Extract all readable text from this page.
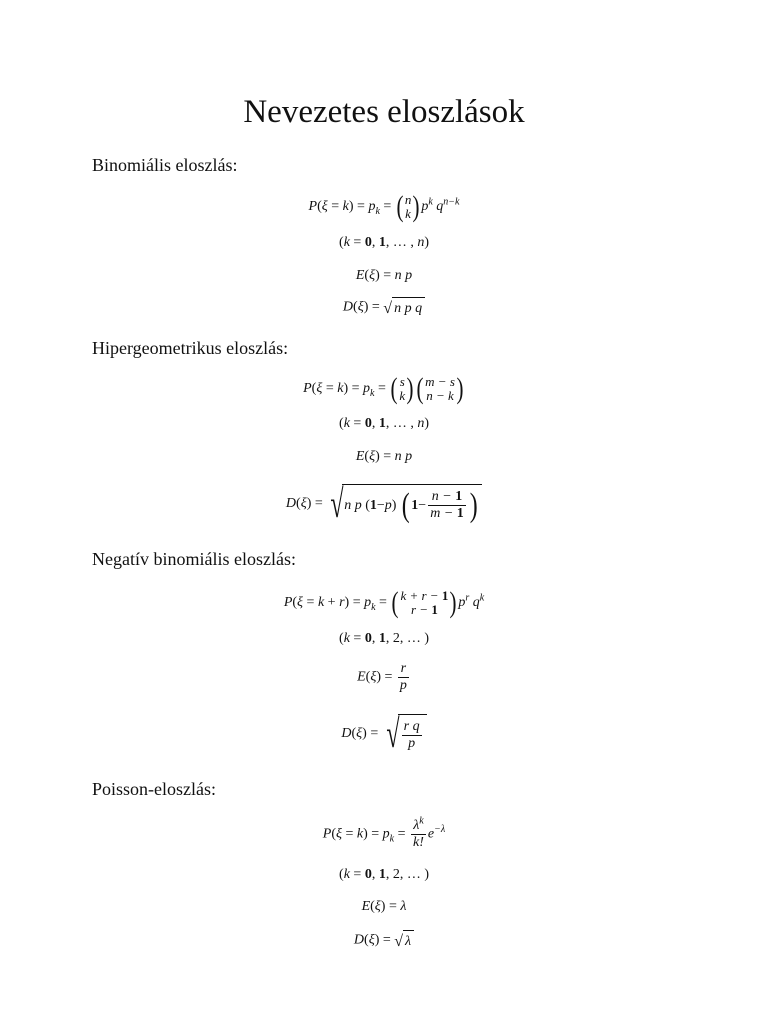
Nevezetes eloszlások
Binomiális eloszlás:
$P(\xi = k) = p_k$ = ( n
k ) $p^k$ $q^{n-k}$
(k = 0, 1, … , n)
E(ξ) = n p
D(ξ) = √ n p q
Hipergeometrikus eloszlás:
$P(\xi = k) = p_k$ = ( s
k ) ( m − s
n − k )
(k = 0, 1, … , n)
E(ξ) = n p
D(ξ) = √ n p ( 1 − p ) ( $1 - \frac{n - 1}{m - 1}$ )
Negatív binomiális eloszlás:
$P(\xi = k + r) = p_k$ = ( k + r − 1
r − 1 ) $p^r$ $q^k$
(k = 0, 1, 2, … )
$E(\xi) = \frac{r}{p}$
D(ξ) = √ $\frac{\text{r q}}{p}$
Poisson-eloszlás:
$P(\xi = k) = p_k = \frac{\lambda^k}{k!} e^{-\lambda}$
(k = 0, 1, 2, … )
E(ξ) = λ
D(ξ) = √ λ
